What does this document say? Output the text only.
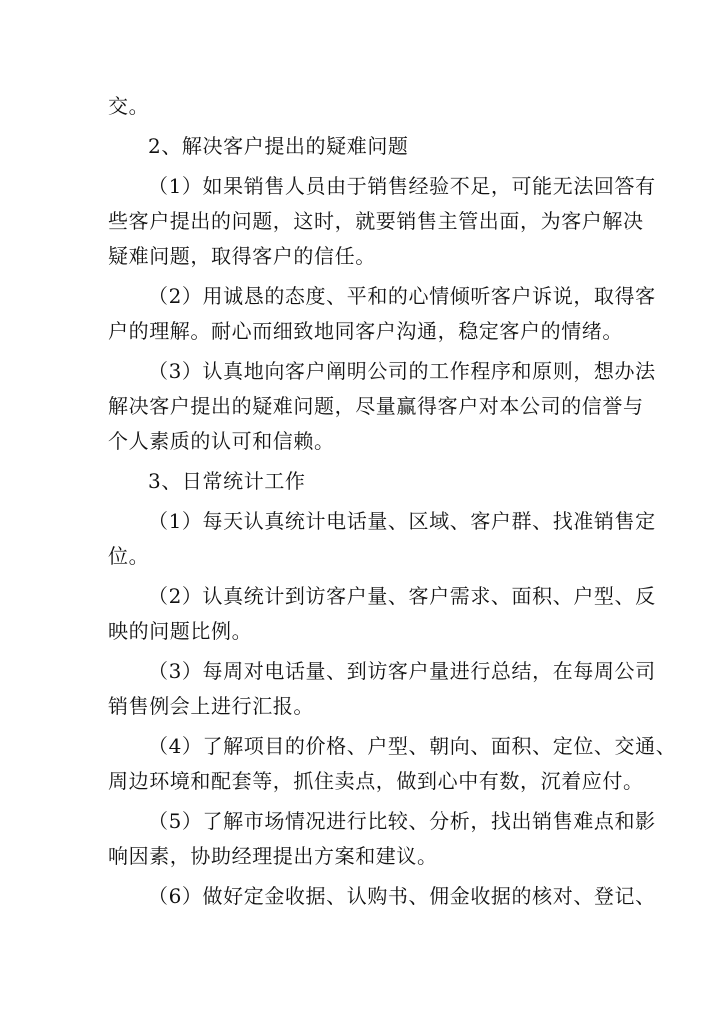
交。
2、解决客户提出的疑难问题
（1）如果销售人员由于销售经验不足，可能无法回答有
些客户提出的问题，这时，就要销售主管出面，为客户解决
疑难问题，取得客户的信任。
（2）用诚恳的态度、平和的心情倾听客户诉说，取得客
户的理解。耐心而细致地同客户沟通，稳定客户的情绪。
（3）认真地向客户阐明公司的工作程序和原则，想办法
解决客户提出的疑难问题，尽量赢得客户对本公司的信誉与
个人素质的认可和信赖。
3、日常统计工作
（1）每天认真统计电话量、区域、客户群、找准销售定
位。
（2）认真统计到访客户量、客户需求、面积、户型、反
映的问题比例。
（3）每周对电话量、到访客户量进行总结，在每周公司
销售例会上进行汇报。
（4）了解项目的价格、户型、朝向、面积、定位、交通、
周边环境和配套等，抓住卖点，做到心中有数，沉着应付。
（5）了解市场情况进行比较、分析，找出销售难点和影
响因素，协助经理提出方案和建议。
（6）做好定金收据、认购书、佣金收据的核对、登记、
